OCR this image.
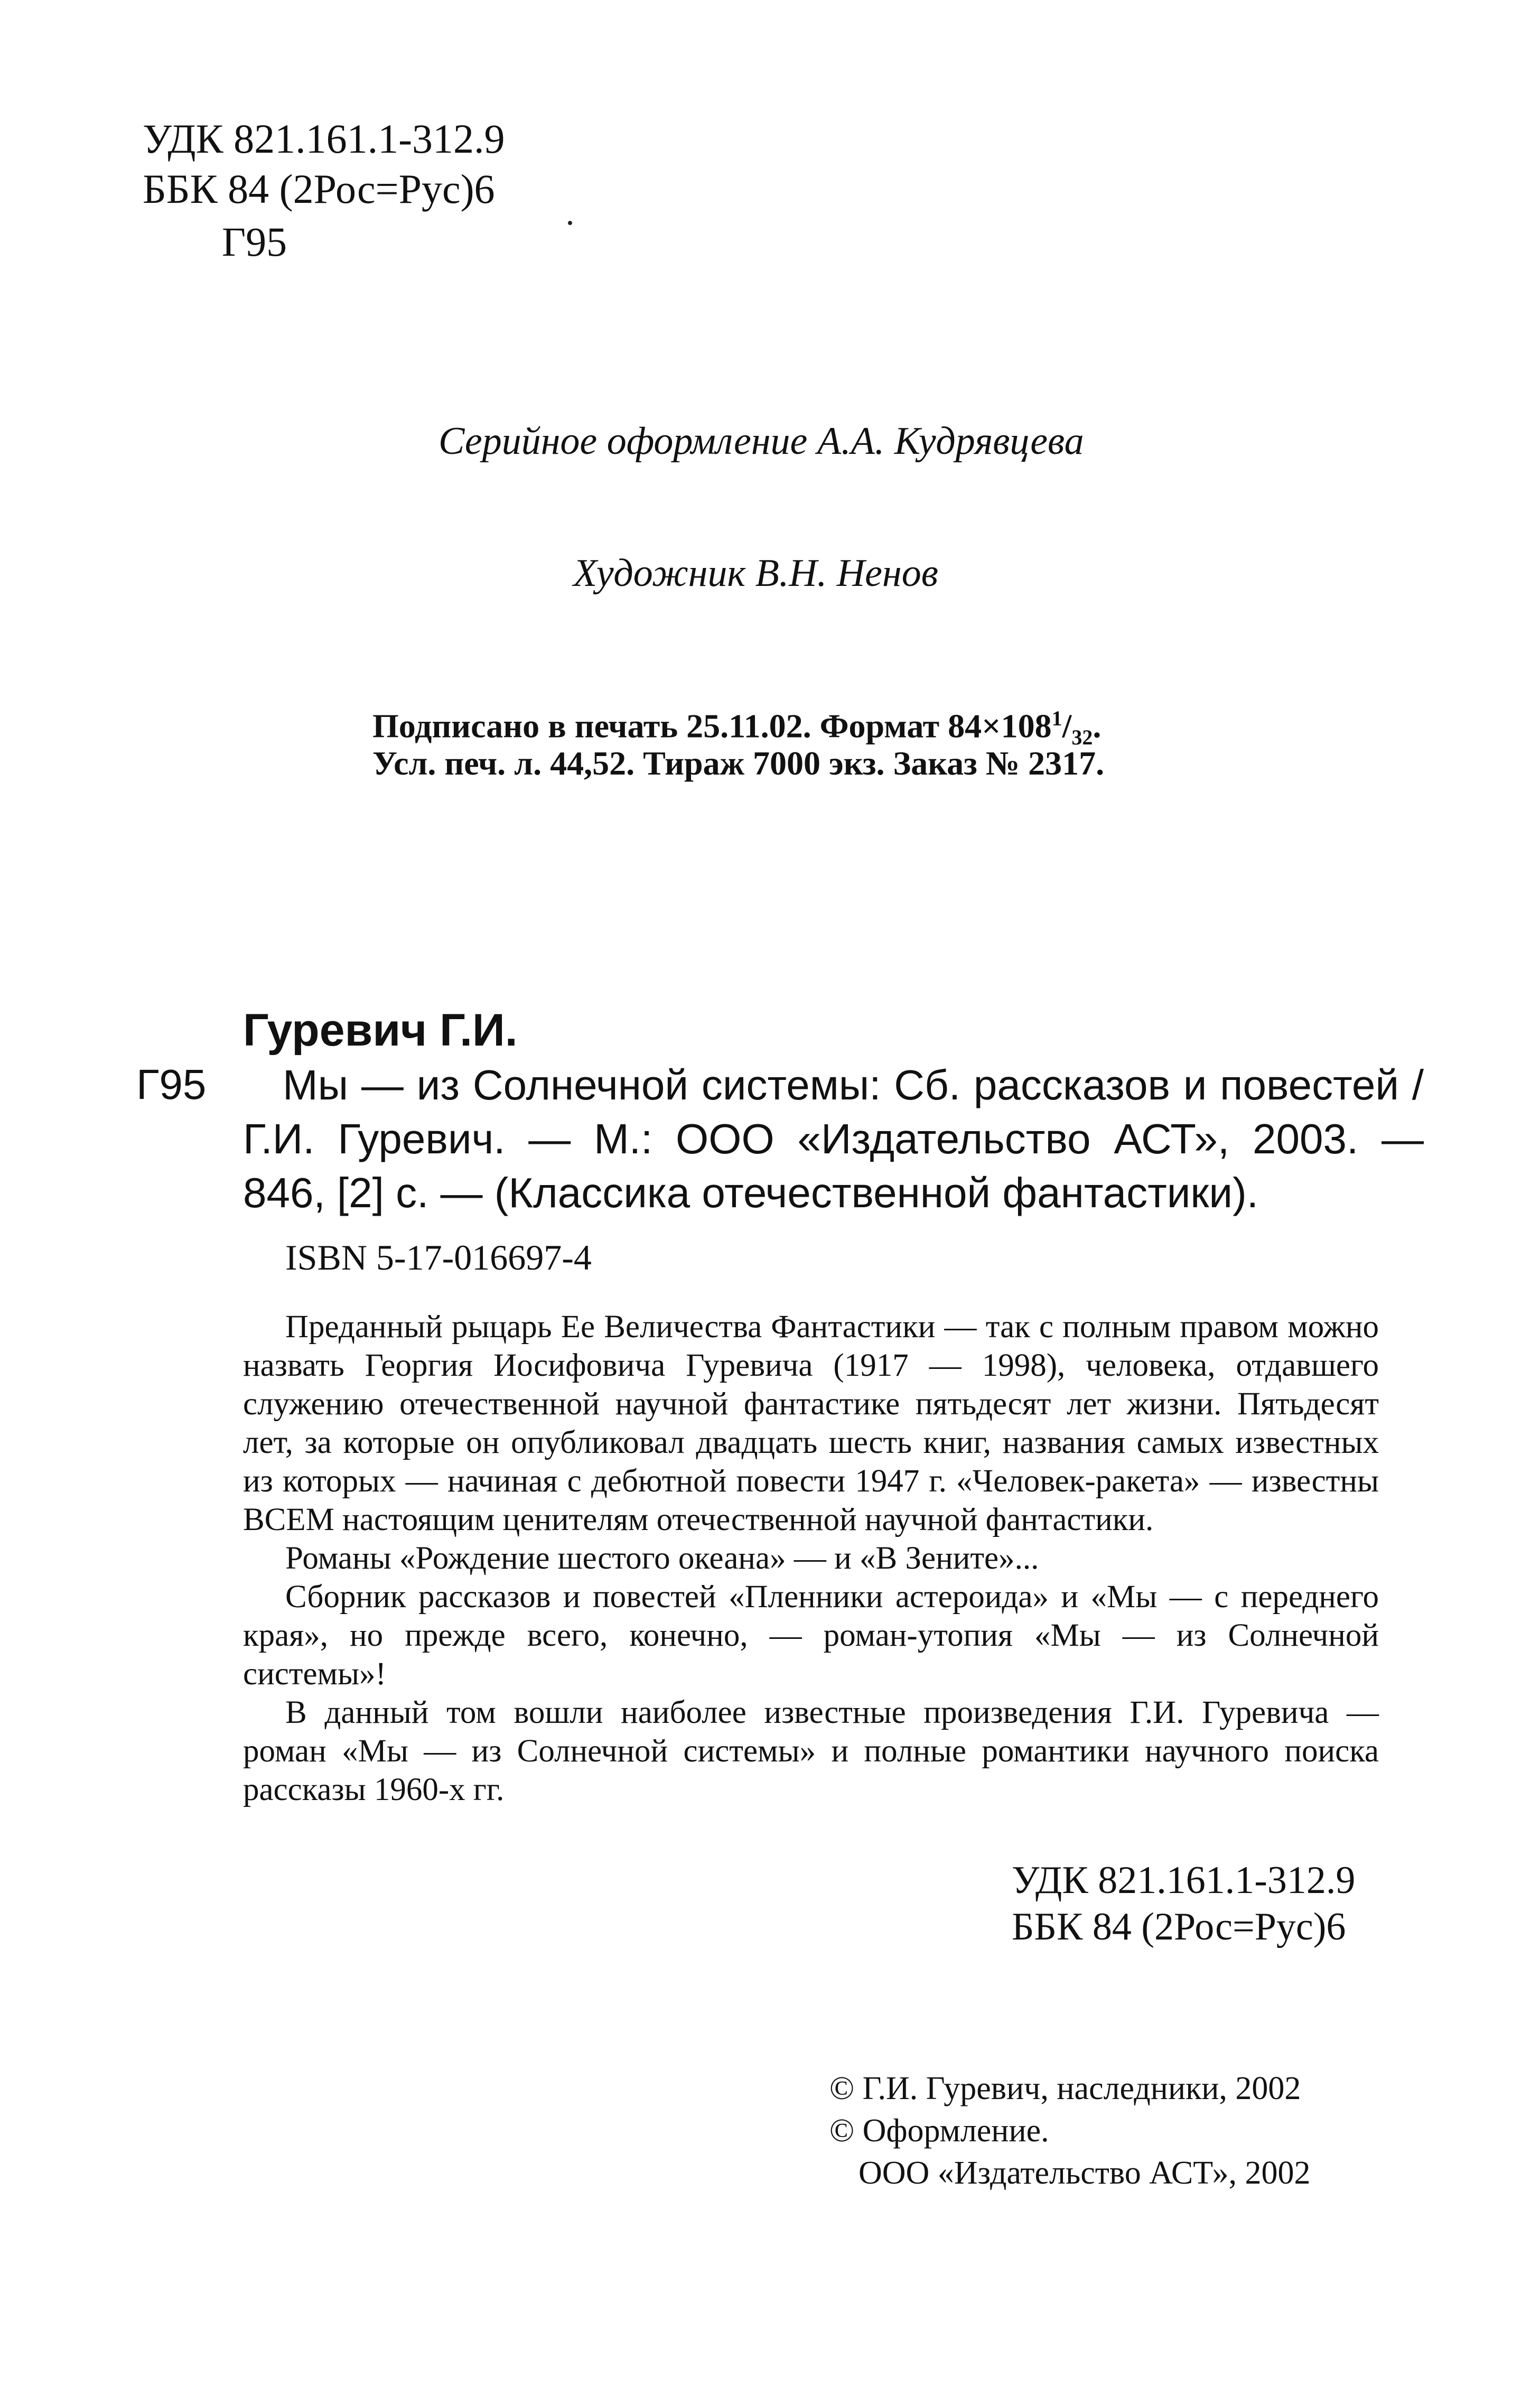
УДК 821.161.1-312.9
ББК 84 (2Рос=Рус)6
Г95
Серийное оформление А.А. Кудрявцева
Художник В.Н. Ненов
Подписано в печать 25.11.02. Формат $84\times 108^1/_{32}$.
Усл. печ. л. 44,52. Тираж 7000 экз. Заказ № 2317.
Гуревич Г.И.
Г95 Мы — из Солнечной системы: Сб. рассказов и повестей /
Г.И. Гуревич. — М.: ООО «Издательство АСТ», 2003. —
846, [2] с. — (Классика отечественной фантастики).
ISBN 5-17-016697-4

Преданный рыцарь Ее Величества Фантастики — так с полным правом можно назвать Георгия Иосифовича Гуревича (1917 — 1998), человека, отдавшего служению отечественной научной фантастике пятьдесят лет жизни. Пятьдесят лет, за которые он опубликовал двадцать шесть книг, названия самых известных из которых — начиная с дебютной повести 1947 г. «Человек-ракета» — известны ВСЕМ настоящим ценителям отечественной научной фантастики.

Романы «Рождение шестого океана» — и «В Зените»...

Сборник рассказов и повестей «Пленники астероида» и «Мы — с переднего края», но прежде всего, конечно, — роман-утопия «Мы — из Солнечной системы»!

В данный том вошли наиболее известные произведения Г.И. Гуревича — роман «Мы — из Солнечной системы» и полные романтики научного поиска рассказы 1960-х гг.

УДК 821.161.1-312.9
ББК 84 (2Рос=Рус)6
© Г.И. Гуревич, наследники, 2002
© Оформление.
ООО «Издательство АСТ», 2002
